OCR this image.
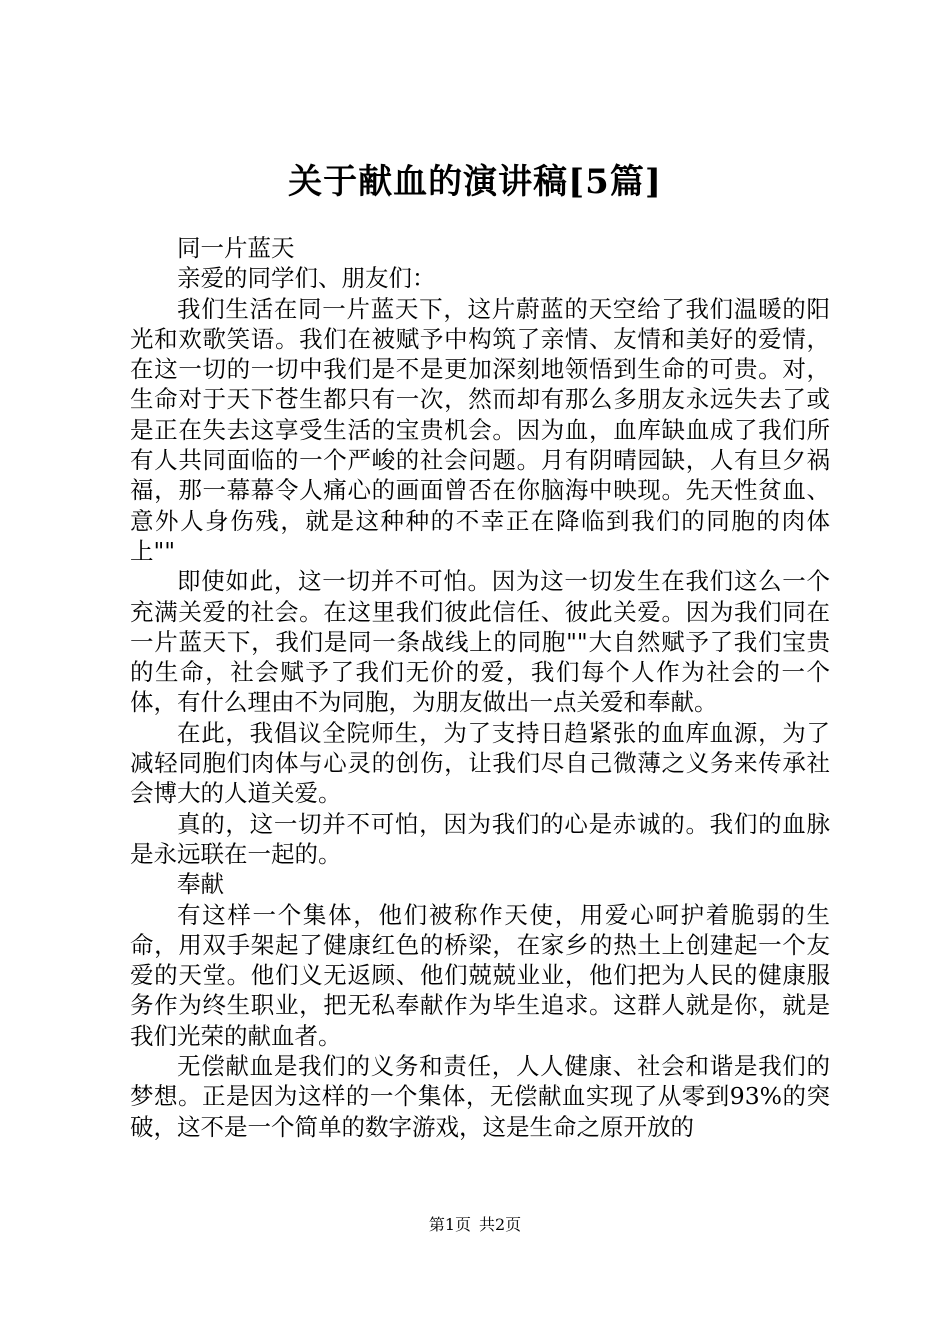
关于献血的演讲稿[5篇]

同一片蓝天

亲爱的同学们、朋友们：

我们生活在同一片蓝天下，这片蔚蓝的天空给了我们温暖的阳光和欢歌笑语。我们在被赋予中构筑了亲情、友情和美好的爱情，在这一切的一切中我们是不是更加深刻地领悟到生命的可贵。对，生命对于天下苍生都只有一次，然而却有那么多朋友永远失去了或是正在失去这享受生活的宝贵机会。因为血，血库缺血成了我们所有人共同面临的一个严峻的社会问题。月有阴晴园缺，人有旦夕祸福，那一幕幕令人痛心的画面曾否在你脑海中映现。先天性贫血、意外人身伤残，就是这种种的不幸正在降临到我们的同胞的肉体上""

即使如此，这一切并不可怕。因为这一切发生在我们这么一个充满关爱的社会。在这里我们彼此信任、彼此关爱。因为我们同在一片蓝天下，我们是同一条战线上的同胞""大自然赋予了我们宝贵的生命，社会赋予了我们无价的爱，我们每个人作为社会的一个体，有什么理由不为同胞，为朋友做出一点关爱和奉献。

在此，我倡议全院师生，为了支持日趋紧张的血库血源，为了减轻同胞们肉体与心灵的创伤，让我们尽自己微薄之义务来传承社会博大的人道关爱。

真的，这一切并不可怕，因为我们的心是赤诚的。我们的血脉是永远联在一起的。

奉献

有这样一个集体，他们被称作天使，用爱心呵护着脆弱的生命，用双手架起了健康红色的桥梁，在家乡的热土上创建起一个友爱的天堂。他们义无返顾、他们兢兢业业，他们把为人民的健康服务作为终生职业，把无私奉献作为毕生追求。这群人就是你，就是我们光荣的献血者。

无偿献血是我们的义务和责任，人人健康、社会和谐是我们的梦想。正是因为这样的一个集体，无偿献血实现了从零到93%的突破，这不是一个简单的数字游戏，这是生命之原开放的

第1页 共2页
